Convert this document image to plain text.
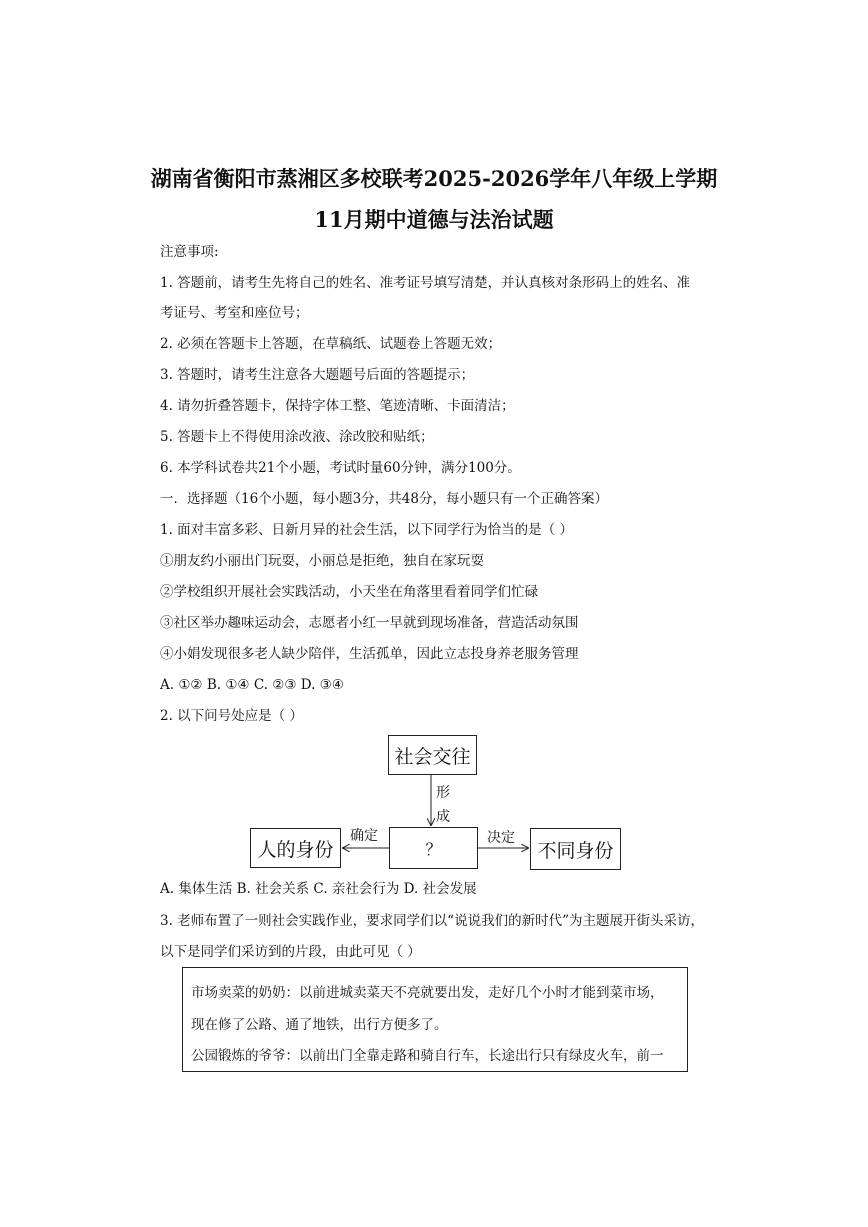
湖南省衡阳市蒸湘区多校联考2025-2026学年八年级上学期
11月期中道德与法治试题
注意事项:
1. 答题前，请考生先将自己的姓名、准考证号填写清楚，并认真核对条形码上的姓名、准
考证号、考室和座位号；
2. 必须在答题卡上答题，在草稿纸、试题卷上答题无效；
3. 答题时，请考生注意各大题题号后面的答题提示；
4. 请勿折叠答题卡，保持字体工整、笔迹清晰、卡面清洁；
5. 答题卡上不得使用涂改液、涂改胶和贴纸；
6. 本学科试卷共21个小题，考试时量60分钟，满分100分。
一．选择题（16个小题，每小题3分，共48分，每小题只有一个正确答案）
1. 面对丰富多彩、日新月异的社会生活，以下同学行为恰当的是（ ）
①朋友约小丽出门玩耍，小丽总是拒绝，独自在家玩耍
②学校组织开展社会实践活动，小天坐在角落里看着同学们忙碌
③社区举办趣味运动会，志愿者小红一早就到现场准备，营造活动氛围
④小娟发现很多老人缺少陪伴，生活孤单，因此立志投身养老服务管理
A. ①② B. ①④ C. ②③ D. ③④
2. 以下问号处应是（ ）
社会交往
形
成
？
人的身份
确定
不同身份
决定
A. 集体生活 B. 社会关系 C. 亲社会行为 D. 社会发展
3. 老师布置了一则社会实践作业，要求同学们以“说说我们的新时代”为主题展开街头采访，
以下是同学们采访到的片段，由此可见（ ）
市场卖菜的奶奶：以前进城卖菜天不亮就要出发，走好几个小时才能到菜市场，
现在修了公路、通了地铁，出行方便多了。
公园锻炼的爷爷：以前出门全靠走路和骑自行车，长途出行只有绿皮火车，前一
